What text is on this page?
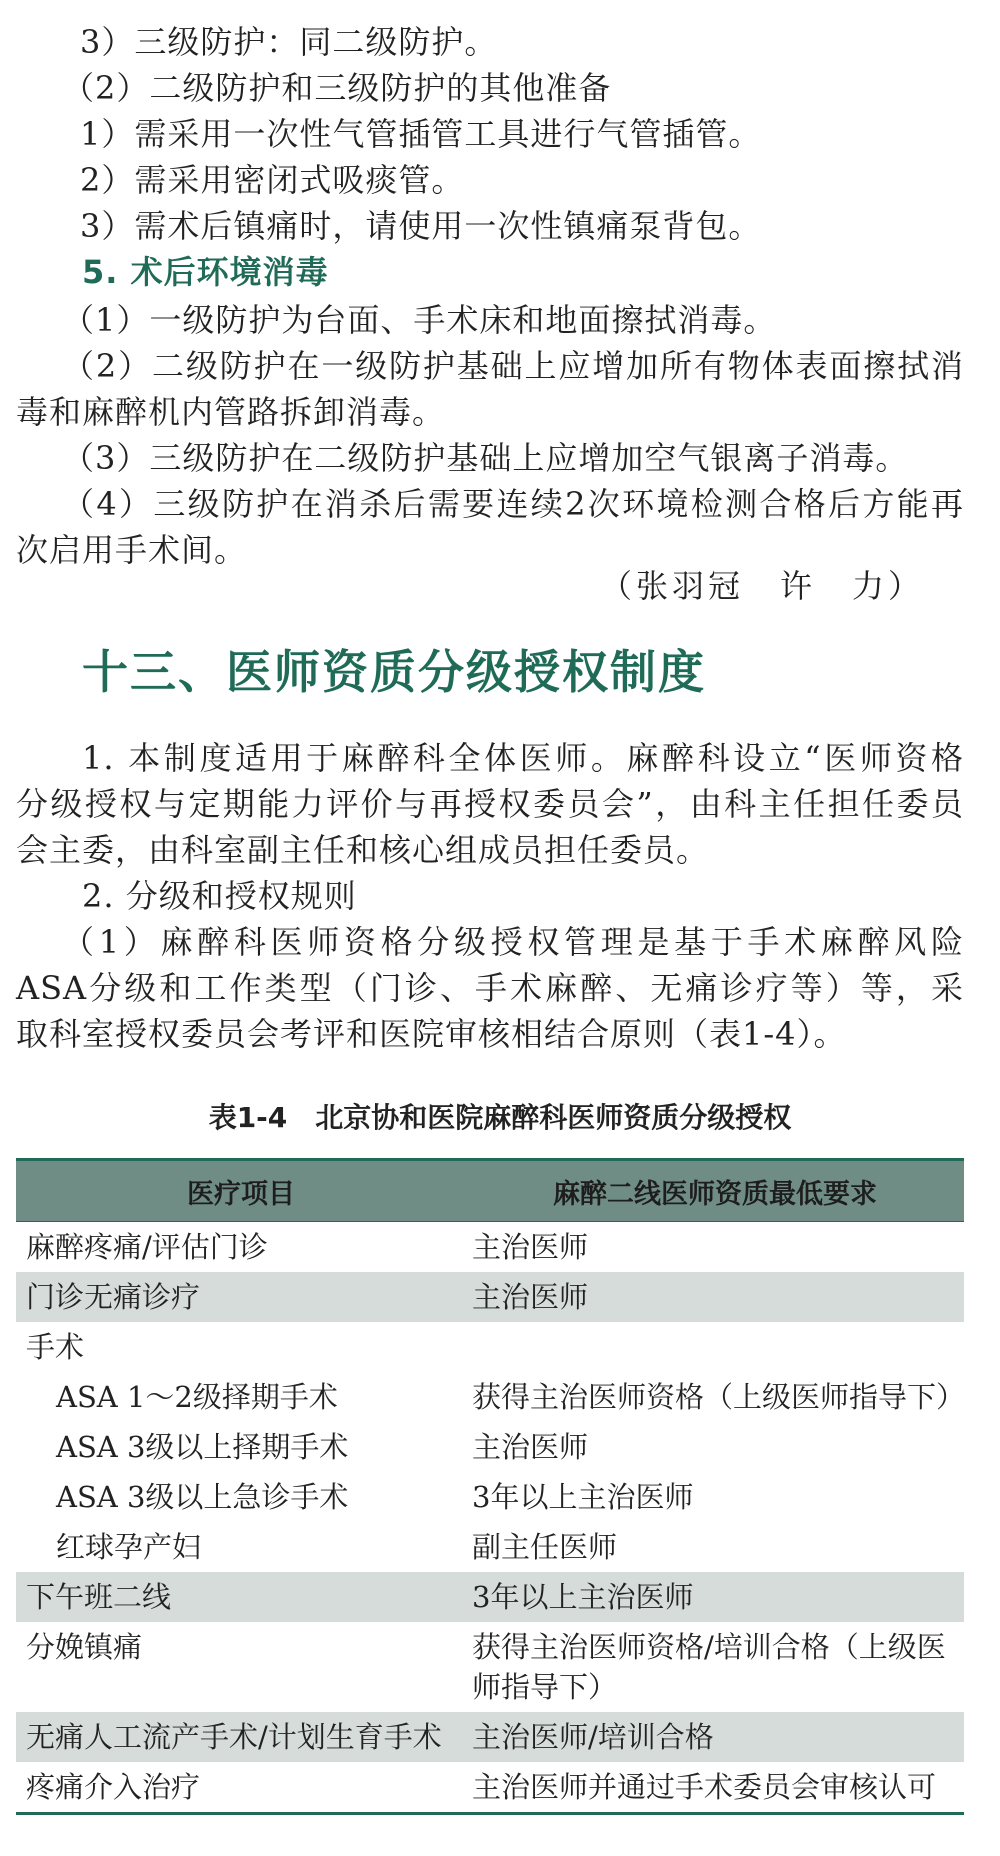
3）三级防护：同二级防护。
（2）二级防护和三级防护的其他准备
1）需采用一次性气管插管工具进行气管插管。
2）需采用密闭式吸痰管。
3）需术后镇痛时，请使用一次性镇痛泵背包。
5. 术后环境消毒
（1）一级防护为台面、手术床和地面擦拭消毒。
（2）二级防护在一级防护基础上应增加所有物体表面擦拭消
毒和麻醉机内管路拆卸消毒。
（3）三级防护在二级防护基础上应增加空气银离子消毒。
（4）三级防护在消杀后需要连续2次环境检测合格后方能再
次启用手术间。
（张羽冠　许　力）
十三、医师资质分级授权制度
1. 本制度适用于麻醉科全体医师。麻醉科设立“医师资格
分级授权与定期能力评价与再授权委员会”，由科主任担任委员
会主委，由科室副主任和核心组成员担任委员。
2. 分级和授权规则
（1）麻醉科医师资格分级授权管理是基于手术麻醉风险
ASA分级和工作类型（门诊、手术麻醉、无痛诊疗等）等，采
取科室授权委员会考评和医院审核相结合原则（表1-4）。
表1-4 北京协和医院麻醉科医师资质分级授权
医疗项目	麻醉二线医师资质最低要求
麻醉疼痛/评估门诊	主治医师
门诊无痛诊疗	主治医师
手术
ASA 1～2级择期手术	获得主治医师资格（上级医师指导下）
ASA 3级以上择期手术	主治医师
ASA 3级以上急诊手术	3年以上主治医师
红球孕产妇	副主任医师
下午班二线	3年以上主治医师
分娩镇痛	获得主治医师资格/培训合格（上级医师指导下）
无痛人工流产手术/计划生育手术	主治医师/培训合格
疼痛介入治疗	主治医师并通过手术委员会审核认可
